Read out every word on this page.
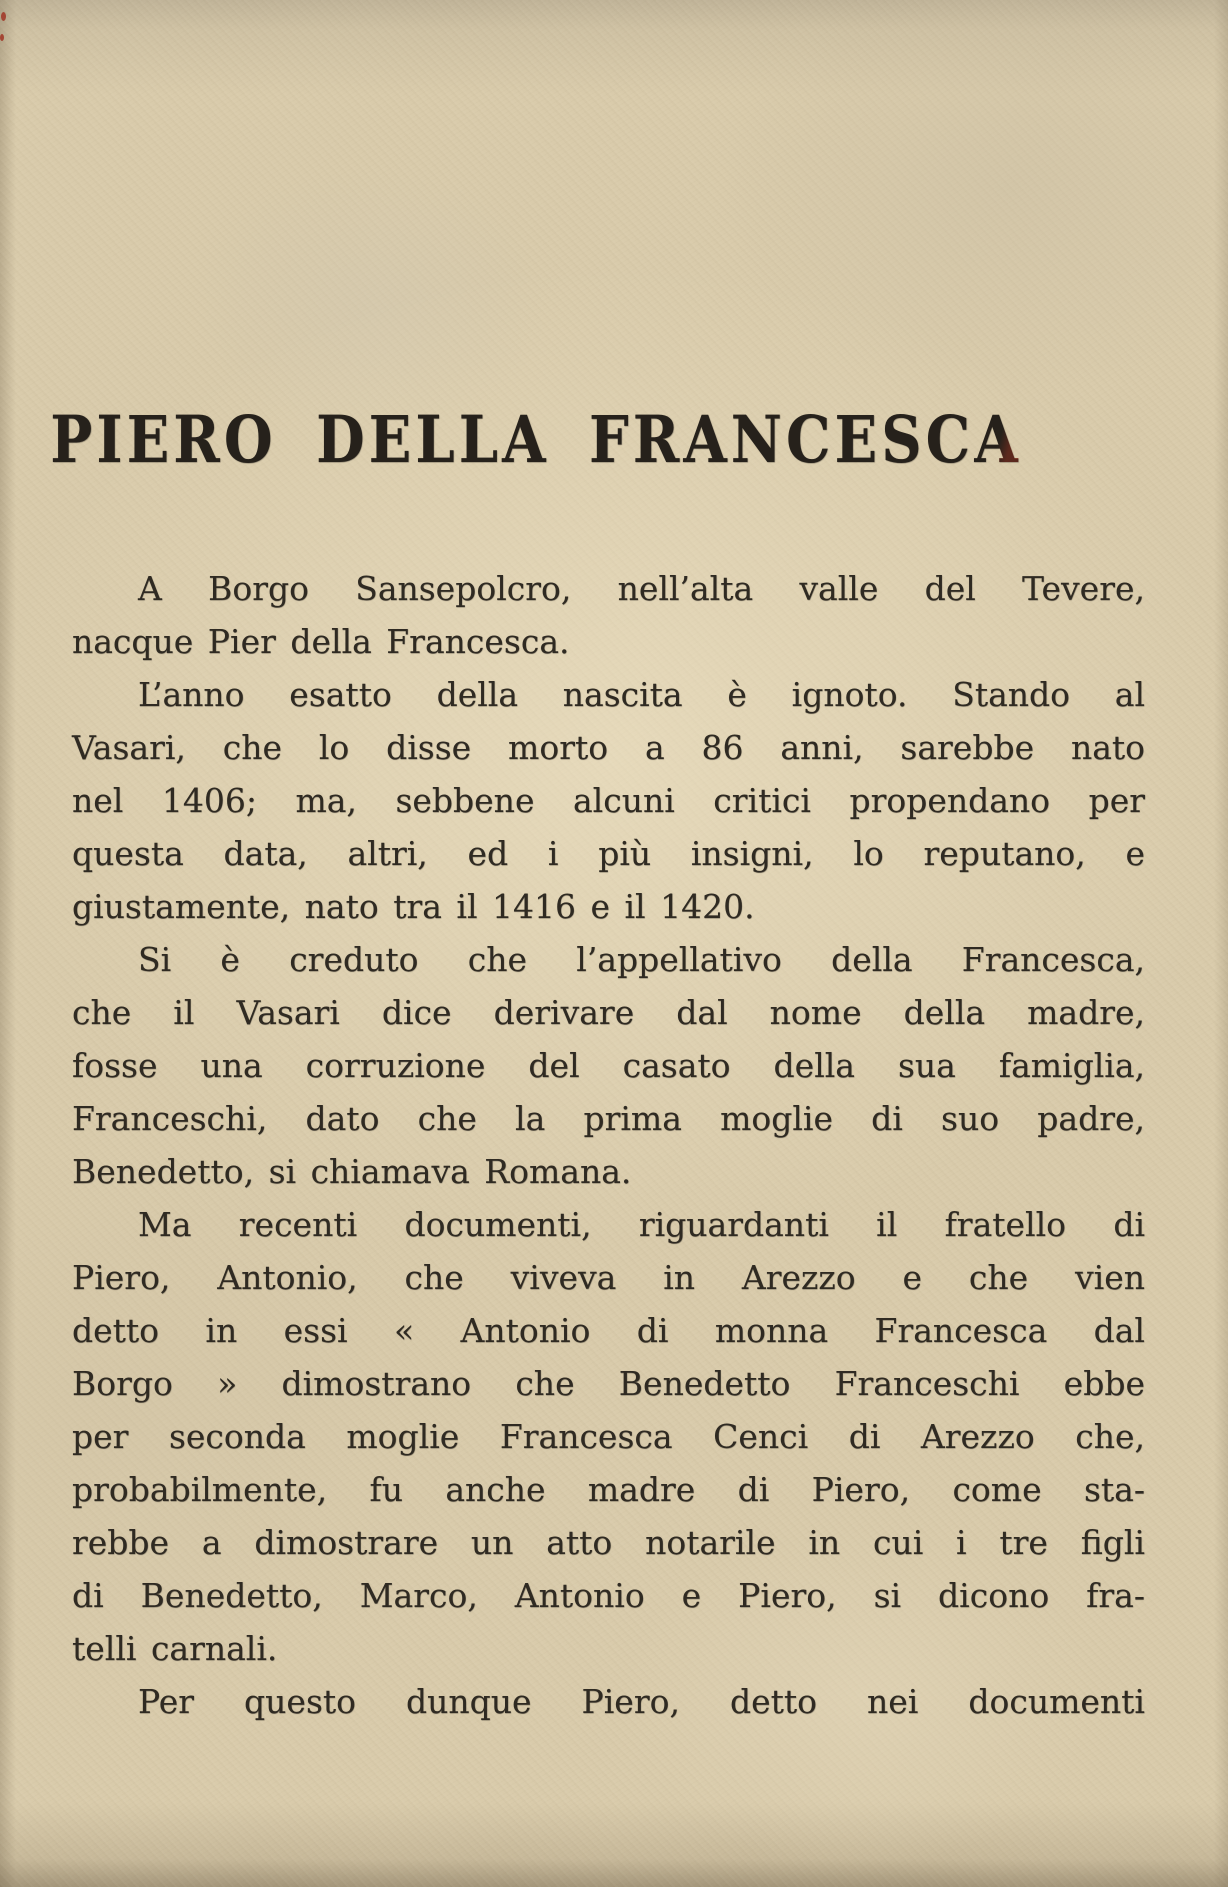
PIERO DELLA FRANCESCA
A Borgo Sansepolcro, nell’alta valle del Tevere,
nacque Pier della Francesca.
L’anno esatto della nascita è ignoto. Stando al
Vasari, che lo disse morto a 86 anni, sarebbe nato
nel 1406; ma, sebbene alcuni critici propendano per
questa data, altri, ed i più insigni, lo reputano, e
giustamente, nato tra il 1416 e il 1420.
Si è creduto che l’appellativo della Francesca,
che il Vasari dice derivare dal nome della madre,
fosse una corruzione del casato della sua famiglia,
Franceschi, dato che la prima moglie di suo padre,
Benedetto, si chiamava Romana.
Ma recenti documenti, riguardanti il fratello di
Piero, Antonio, che viveva in Arezzo e che vien
detto in essi « Antonio di monna Francesca dal
Borgo » dimostrano che Benedetto Franceschi ebbe
per seconda moglie Francesca Cenci di Arezzo che,
probabilmente, fu anche madre di Piero, come sta-
rebbe a dimostrare un atto notarile in cui i tre figli
di Benedetto, Marco, Antonio e Piero, si dicono fra-
telli carnali.
Per questo dunque Piero, detto nei documenti
